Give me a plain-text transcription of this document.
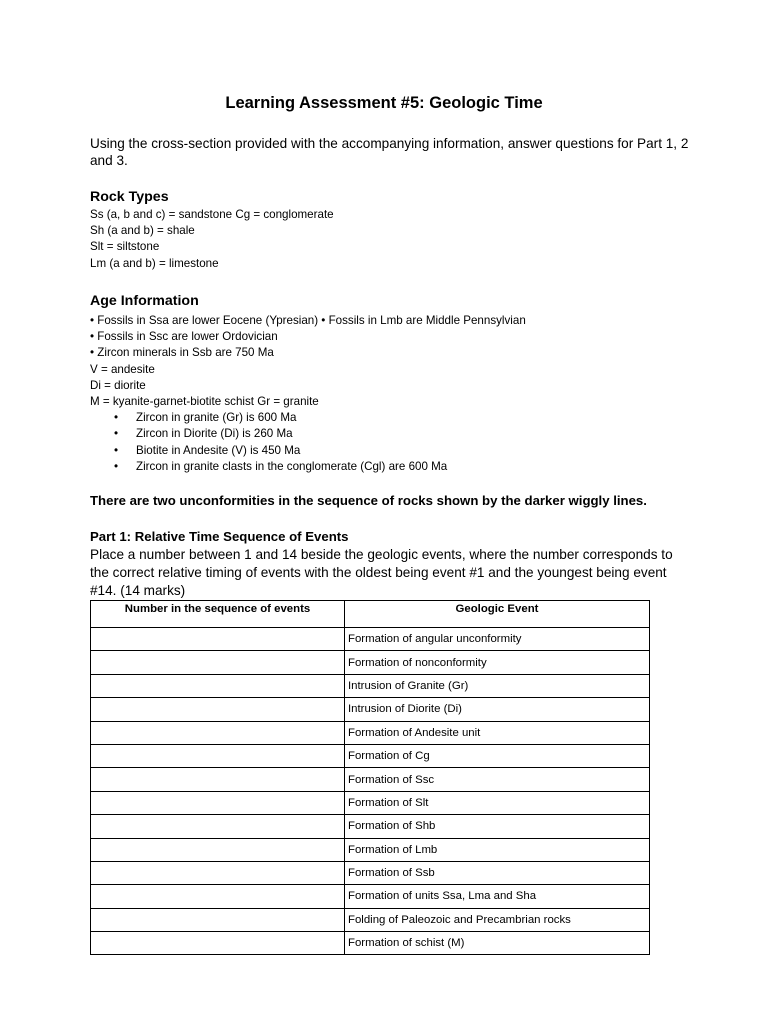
Learning Assessment #5: Geologic Time
Using the cross-section provided with the accompanying information, answer questions for Part 1, 2 and 3.
Rock Types
Ss (a, b and c) = sandstone Cg = conglomerate
Sh (a and b) = shale
Slt = siltstone
Lm (a and b) = limestone
Age Information
• Fossils in Ssa are lower Eocene (Ypresian) • Fossils in Lmb are Middle Pennsylvian
• Fossils in Ssc are lower Ordovician
• Zircon minerals in Ssb are 750 Ma
V = andesite
Di = diorite
M = kyanite-garnet-biotite schist Gr = granite
• Zircon in granite (Gr) is 600 Ma
• Zircon in Diorite (Di) is 260 Ma
• Biotite in Andesite (V) is 450 Ma
• Zircon in granite clasts in the conglomerate (Cgl) are 600 Ma
There are two unconformities in the sequence of rocks shown by the darker wiggly lines.
Part 1: Relative Time Sequence of Events
Place a number between 1 and 14 beside the geologic events, where the number corresponds to the correct relative timing of events with the oldest being event #1 and the youngest being event #14. (14 marks)
Number in the sequence of events	Geologic Event
	Formation of angular unconformity
	Formation of nonconformity
	Intrusion of Granite (Gr)
	Intrusion of Diorite (Di)
	Formation of Andesite unit
	Formation of Cg
	Formation of Ssc
	Formation of Slt
	Formation of Shb
	Formation of Lmb
	Formation of Ssb
	Formation of units Ssa, Lma and Sha
	Folding of Paleozoic and Precambrian rocks
	Formation of schist (M)
